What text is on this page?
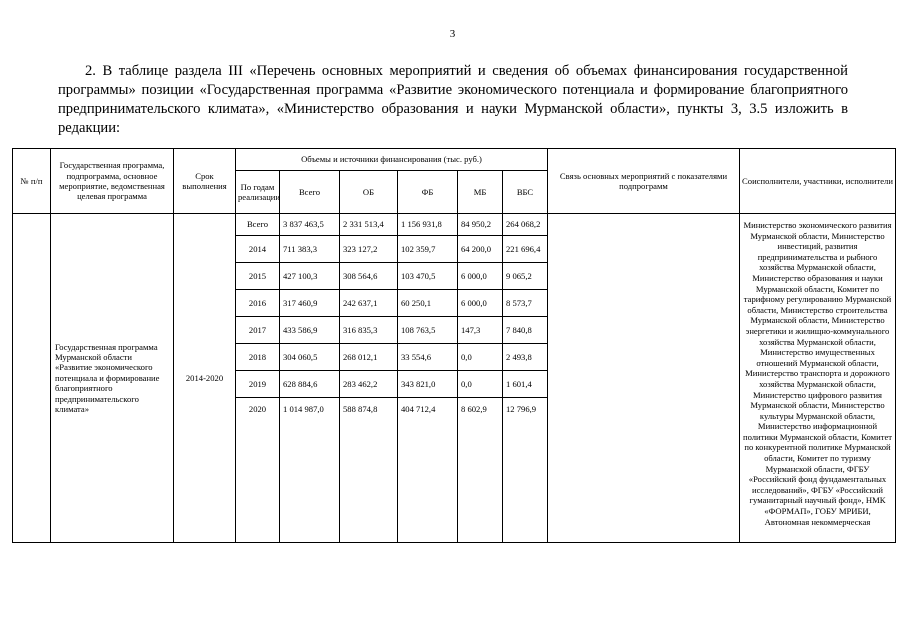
3
2. В таблице раздела III «Перечень основных мероприятий и сведения об объемах финансирования государственной программы» позиции «Государственная программа «Развитие экономического потенциала и формирование благоприятного предпринимательского климата», «Министерство образования и науки Мурманской области», пункты 3, 3.5 изложить в редакции:
№ п/п	Государственная программа, подпрограмма, основное мероприятие, ведомственная целевая программа	Срок выполнения	Объемы и источники финансирования (тыс. руб.)						Связь основных мероприятий с показателями подпрограмм	Соисполнители, участники, исполнители
			По годам реализации	Всего	ОБ	ФБ	МБ	ВБС		
	Государственная программа Мурманской области «Развитие экономического потенциала и формирование благоприятного предпринимательского климата»	2014-2020	Всего	3 837 463,5	2 331 513,4	1 156 931,8	84 950,2	264 068,2		Министерство экономического развития Мурманской области, Министерство инвестиций, развития предпринимательства и рыбного хозяйства Мурманской области, Министерство образования и науки Мурманской области, Комитет по тарифному регулированию Мурманской области, Министерство строительства Мурманской области, Министерство энергетики и жилищно-коммунального хозяйства Мурманской области, Министерство имущественных отношений Мурманской области, Министерство транспорта и дорожного хозяйства Мурманской области, Министерство цифрового развития Мурманской области, Министерство культуры Мурманской области, Министерство информационной политики Мурманской области, Комитет по конкурентной политике Мурманской области, Комитет по туризму Мурманской области, ФГБУ «Российский фонд фундаментальных исследований», ФГБУ «Российский гуманитарный научный фонд», НМК «ФОРМАП», ГОБУ МРИБИ, Автономная некоммерческая
			2014	711 383,3	323 127,2	102 359,7	64 200,0	221 696,4		
			2015	427 100,3	308 564,6	103 470,5	6 000,0	9 065,2		
			2016	317 460,9	242 637,1	60 250,1	6 000,0	8 573,7		
			2017	433 586,9	316 835,3	108 763,5	147,3	7 840,8		
			2018	304 060,5	268 012,1	33 554,6	0,0	2 493,8		
			2019	628 884,6	283 462,2	343 821,0	0,0	1 601,4		
			2020	1 014 987,0	588 874,8	404 712,4	8 602,9	12 796,9		
